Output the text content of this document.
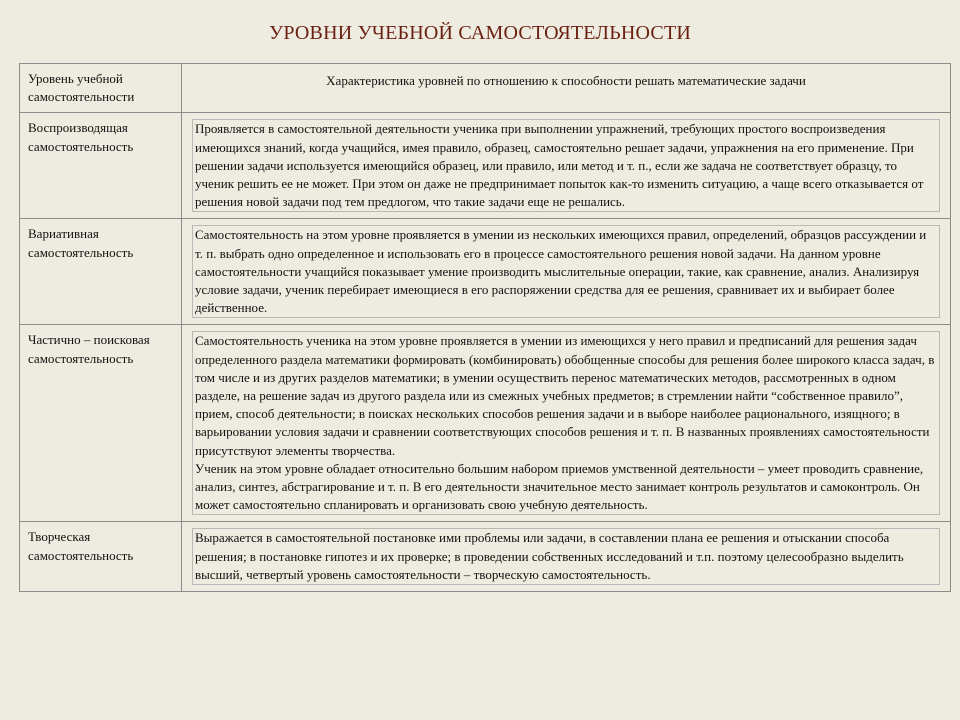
УРОВНИ УЧЕБНОЙ САМОСТОЯТЕЛЬНОСТИ
Уровень учебной самостоятельности	Характеристика уровней по отношению к способности решать математические задачи
Воспроизводящая самостоятельность	Проявляется в самостоятельной деятельности ученика при выполнении упражнений, требующих простого воспроизведения имеющихся знаний, когда учащийся, имея правило, образец, самостоятельно решает задачи, упражнения на его применение. При решении задачи используется имеющийся образец, или правило, или метод и т. п., если же задача не соответствует образцу, то ученик решить ее не может. При этом он даже не предпринимает попыток как-то изменить ситуацию, а чаще всего отказывается от решения новой задачи под тем предлогом, что такие задачи еще не решались.

Вариативная самостоятельность	Самостоятельность на этом уровне проявляется в умении из нескольких имеющихся правил, определений, образцов рассуждении и т. п. выбрать одно определенное и использовать его в процессе самостоятельного решения новой задачи. На данном уровне самостоятельности учащийся показывает умение производить мыслительные операции, такие, как сравнение, анализ. Анализируя условие задачи, ученик перебирает имеющиеся в его распоряжении средства для ее решения, сравнивает их и выбирает более действенное.

Частично – поисковая самостоятельность	Самостоятельность ученика на этом уровне проявляется в умении из имеющихся у него правил и предписаний для решения задач определенного раздела математики формировать (комбинировать) обобщенные способы для решения более широкого класса задач, в том числе и из других разделов математики; в умении осуществить перенос математических методов, рассмотренных в одном разделе, на решение задач из другого раздела или из смежных учебных предметов; в стремлении найти “собственное правило”, прием, способ деятельности; в поисках нескольких способов решения задачи и в выборе наиболее рационального, изящного; в варьировании условия задачи и сравнении соответствующих способов решения и т. п. В названных проявлениях самостоятельности присутствуют элементы творчества.

Ученик на этом уровне обладает относительно большим набором приемов умственной деятельности – умеет проводить сравнение, анализ, синтез, абстрагирование и т. п. В его деятельности значительное место занимает контроль результатов и самоконтроль. Он может самостоятельно спланировать и организовать свою учебную деятельность.

Творческая самостоятельность	Выражается в самостоятельной постановке ими проблемы или задачи, в составлении плана ее решения и отыскании способа решения; в постановке гипотез и их проверке; в проведении собственных исследований и т.п. поэтому целесообразно выделить высший, четвертый уровень самостоятельности – творческую самостоятельность.
